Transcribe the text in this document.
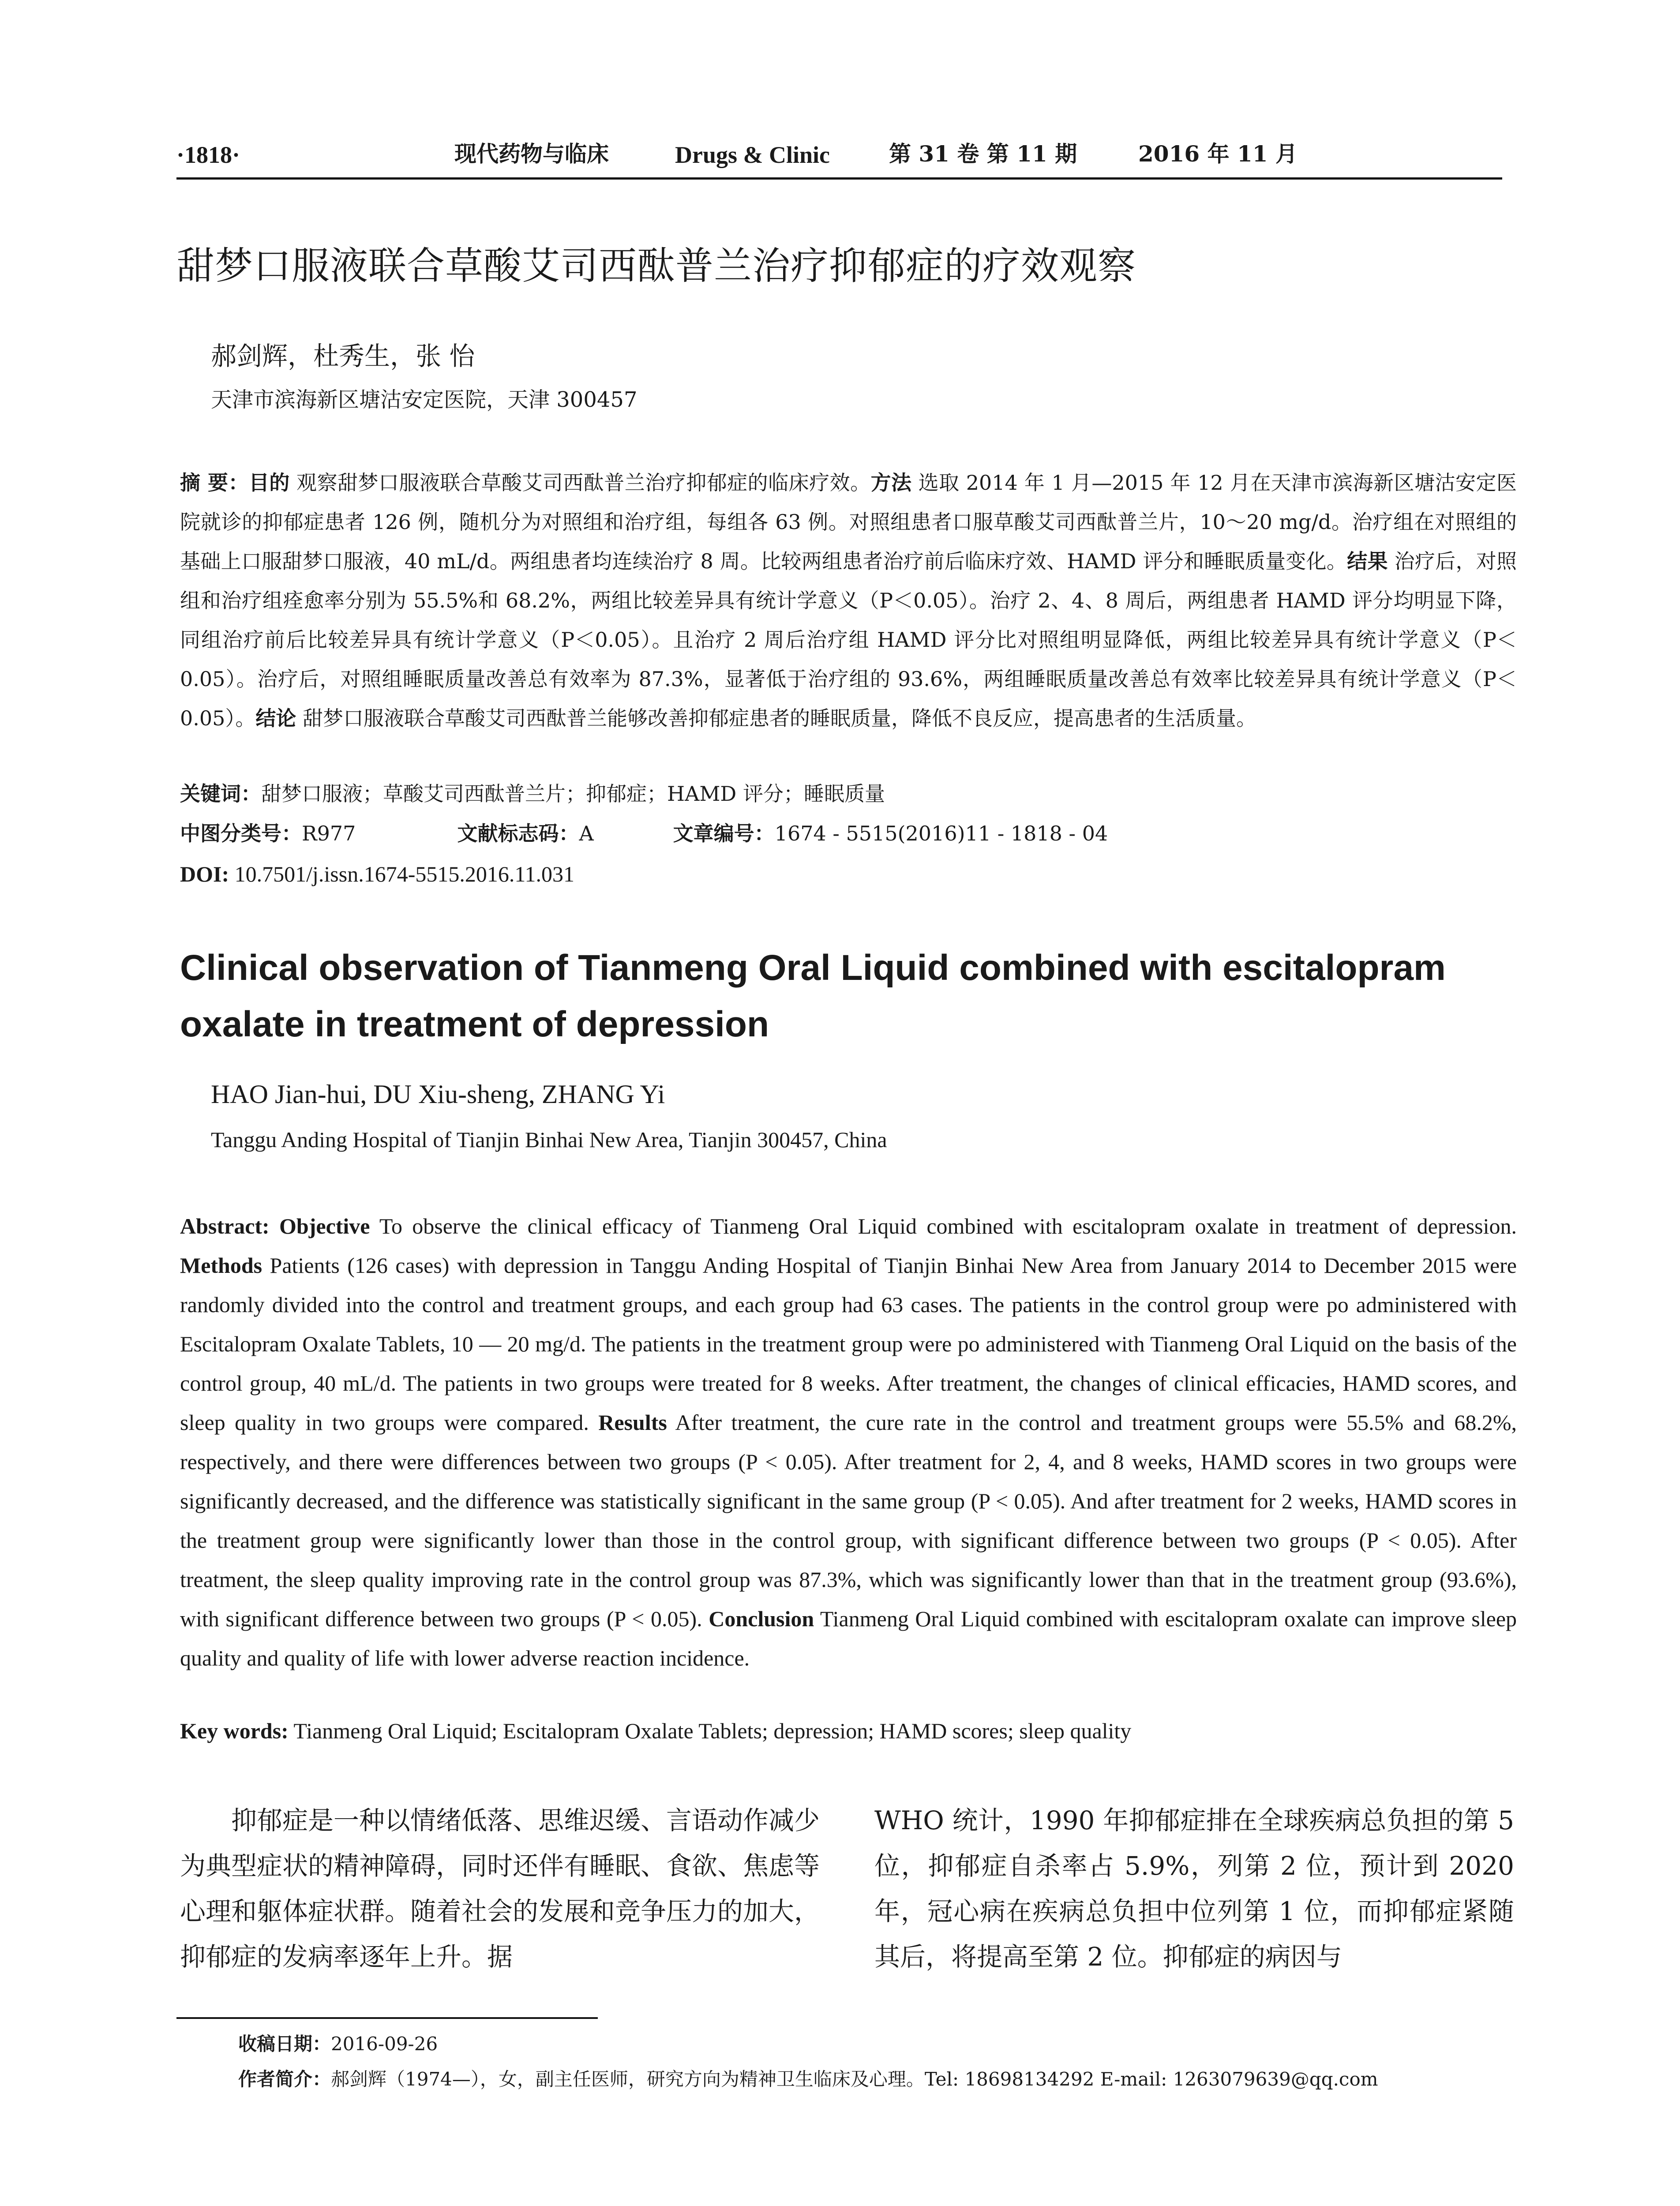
·1818·	现代药物与临床	Drugs & Clinic	第 31 卷 第 11 期	2016 年 11 月
甜梦口服液联合草酸艾司西酞普兰治疗抑郁症的疗效观察
郝剑辉，杜秀生，张 怡
天津市滨海新区塘沽安定医院，天津 300457
摘 要：目的 观察甜梦口服液联合草酸艾司西酞普兰治疗抑郁症的临床疗效。方法 选取 2014 年 1 月—2015 年 12 月在天津市滨海新区塘沽安定医院就诊的抑郁症患者 126 例，随机分为对照组和治疗组，每组各 63 例。对照组患者口服草酸艾司西酞普兰片，10～20 mg/d。治疗组在对照组的基础上口服甜梦口服液，40 mL/d。两组患者均连续治疗 8 周。比较两组患者治疗前后临床疗效、HAMD 评分和睡眠质量变化。结果 治疗后，对照组和治疗组痊愈率分别为 55.5%和 68.2%，两组比较差异具有统计学意义（P＜0.05）。治疗 2、4、8 周后，两组患者 HAMD 评分均明显下降，同组治疗前后比较差异具有统计学意义（P＜0.05）。且治疗 2 周后治疗组 HAMD 评分比对照组明显降低，两组比较差异具有统计学意义（P＜0.05）。治疗后，对照组睡眠质量改善总有效率为 87.3%，显著低于治疗组的 93.6%，两组睡眠质量改善总有效率比较差异具有统计学意义（P＜0.05）。结论 甜梦口服液联合草酸艾司西酞普兰能够改善抑郁症患者的睡眠质量，降低不良反应，提高患者的生活质量。
关键词：甜梦口服液；草酸艾司西酞普兰片；抑郁症；HAMD 评分；睡眠质量
中图分类号：R977	文献标志码：A	文章编号：1674 - 5515(2016)11 - 1818 - 04
DOI: 10.7501/j.issn.1674-5515.2016.11.031
Clinical observation of Tianmeng Oral Liquid combined with escitalopram oxalate in treatment of depression
HAO Jian-hui, DU Xiu-sheng, ZHANG Yi
Tanggu Anding Hospital of Tianjin Binhai New Area, Tianjin 300457, China
Abstract: Objective To observe the clinical efficacy of Tianmeng Oral Liquid combined with escitalopram oxalate in treatment of depression. Methods Patients (126 cases) with depression in Tanggu Anding Hospital of Tianjin Binhai New Area from January 2014 to December 2015 were randomly divided into the control and treatment groups, and each group had 63 cases. The patients in the control group were po administered with Escitalopram Oxalate Tablets, 10 — 20 mg/d. The patients in the treatment group were po administered with Tianmeng Oral Liquid on the basis of the control group, 40 mL/d. The patients in two groups were treated for 8 weeks. After treatment, the changes of clinical efficacies, HAMD scores, and sleep quality in two groups were compared. Results After treatment, the cure rate in the control and treatment groups were 55.5% and 68.2%, respectively, and there were differences between two groups (P < 0.05). After treatment for 2, 4, and 8 weeks, HAMD scores in two groups were significantly decreased, and the difference was statistically significant in the same group (P < 0.05). And after treatment for 2 weeks, HAMD scores in the treatment group were significantly lower than those in the control group, with significant difference between two groups (P < 0.05). After treatment, the sleep quality improving rate in the control group was 87.3%, which was significantly lower than that in the treatment group (93.6%), with significant difference between two groups (P < 0.05). Conclusion Tianmeng Oral Liquid combined with escitalopram oxalate can improve sleep quality and quality of life with lower adverse reaction incidence.
Key words: Tianmeng Oral Liquid; Escitalopram Oxalate Tablets; depression; HAMD scores; sleep quality
抑郁症是一种以情绪低落、思维迟缓、言语动作减少为典型症状的精神障碍，同时还伴有睡眠、食欲、焦虑等心理和躯体症状群。随着社会的发展和竞争压力的加大，抑郁症的发病率逐年上升。据
WHO 统计，1990 年抑郁症排在全球疾病总负担的第 5 位，抑郁症自杀率占 5.9%，列第 2 位，预计到 2020 年，冠心病在疾病总负担中位列第 1 位，而抑郁症紧随其后，将提高至第 2 位。抑郁症的病因与
收稿日期：2016-09-26
作者简介：郝剑辉（1974—），女，副主任医师，研究方向为精神卫生临床及心理。Tel: 18698134292 E-mail: 1263079639@qq.com
